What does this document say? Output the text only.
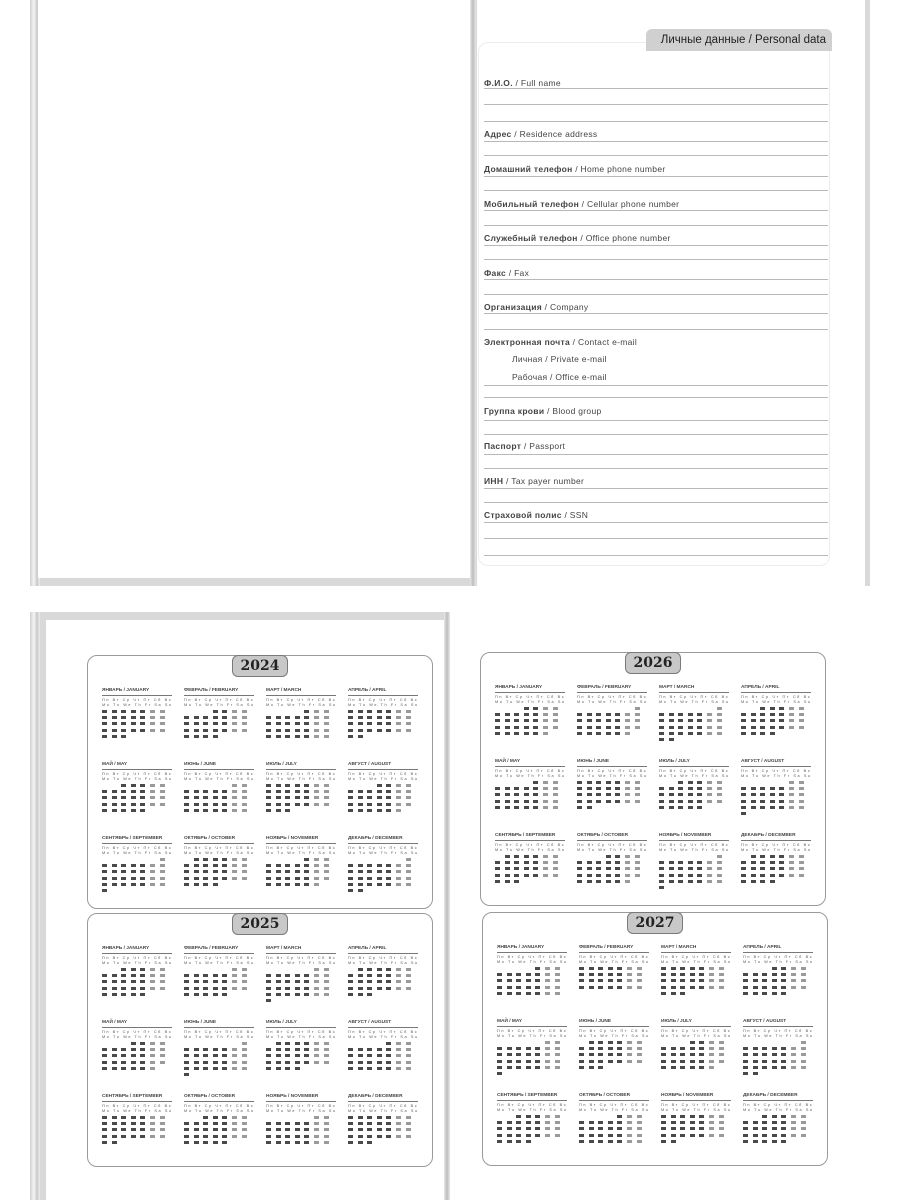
Личные данные / Personal data
Ф.И.О. / Full name
Адрес / Residence address
Домашний телефон / Home phone number
Мобильный телефон / Cellular phone number
Служебный телефон / Office phone number
Факс / Fax
Организация / Company
Электронная почта / Contact e-mail
Личная / Private e-mail
Рабочая / Office e-mail
Группа крови / Blood group
Паспорт / Passport
ИНН / Tax payer number
Страховой полис / SSN
2024
ЯНВАРЬ / JANUARY
Пн Вт Ср Чт Пт Сб Вс
Mo Tu We Th Fr Sa Su
ФЕВРАЛЬ / FEBRUARY
Пн Вт Ср Чт Пт Сб Вс
Mo Tu We Th Fr Sa Su
МАРТ / MARCH
Пн Вт Ср Чт Пт Сб Вс
Mo Tu We Th Fr Sa Su
АПРЕЛЬ / APRIL
Пн Вт Ср Чт Пт Сб Вс
Mo Tu We Th Fr Sa Su
МАЙ / MAY
Пн Вт Ср Чт Пт Сб Вс
Mo Tu We Th Fr Sa Su
ИЮНЬ / JUNE
Пн Вт Ср Чт Пт Сб Вс
Mo Tu We Th Fr Sa Su
ИЮЛЬ / JULY
Пн Вт Ср Чт Пт Сб Вс
Mo Tu We Th Fr Sa Su
АВГУСТ / AUGUST
Пн Вт Ср Чт Пт Сб Вс
Mo Tu We Th Fr Sa Su
СЕНТЯБРЬ / SEPTEMBER
Пн Вт Ср Чт Пт Сб Вс
Mo Tu We Th Fr Sa Su
ОКТЯБРЬ / OCTOBER
Пн Вт Ср Чт Пт Сб Вс
Mo Tu We Th Fr Sa Su
НОЯБРЬ / NOVEMBER
Пн Вт Ср Чт Пт Сб Вс
Mo Tu We Th Fr Sa Su
ДЕКАБРЬ / DECEMBER
Пн Вт Ср Чт Пт Сб Вс
Mo Tu We Th Fr Sa Su
2025
ЯНВАРЬ / JANUARY
Пн Вт Ср Чт Пт Сб Вс
Mo Tu We Th Fr Sa Su
ФЕВРАЛЬ / FEBRUARY
Пн Вт Ср Чт Пт Сб Вс
Mo Tu We Th Fr Sa Su
МАРТ / MARCH
Пн Вт Ср Чт Пт Сб Вс
Mo Tu We Th Fr Sa Su
АПРЕЛЬ / APRIL
Пн Вт Ср Чт Пт Сб Вс
Mo Tu We Th Fr Sa Su
МАЙ / MAY
Пн Вт Ср Чт Пт Сб Вс
Mo Tu We Th Fr Sa Su
ИЮНЬ / JUNE
Пн Вт Ср Чт Пт Сб Вс
Mo Tu We Th Fr Sa Su
ИЮЛЬ / JULY
Пн Вт Ср Чт Пт Сб Вс
Mo Tu We Th Fr Sa Su
АВГУСТ / AUGUST
Пн Вт Ср Чт Пт Сб Вс
Mo Tu We Th Fr Sa Su
СЕНТЯБРЬ / SEPTEMBER
Пн Вт Ср Чт Пт Сб Вс
Mo Tu We Th Fr Sa Su
ОКТЯБРЬ / OCTOBER
Пн Вт Ср Чт Пт Сб Вс
Mo Tu We Th Fr Sa Su
НОЯБРЬ / NOVEMBER
Пн Вт Ср Чт Пт Сб Вс
Mo Tu We Th Fr Sa Su
ДЕКАБРЬ / DECEMBER
Пн Вт Ср Чт Пт Сб Вс
Mo Tu We Th Fr Sa Su
2026
ЯНВАРЬ / JANUARY
Пн Вт Ср Чт Пт Сб Вс
Mo Tu We Th Fr Sa Su
ФЕВРАЛЬ / FEBRUARY
Пн Вт Ср Чт Пт Сб Вс
Mo Tu We Th Fr Sa Su
МАРТ / MARCH
Пн Вт Ср Чт Пт Сб Вс
Mo Tu We Th Fr Sa Su
АПРЕЛЬ / APRIL
Пн Вт Ср Чт Пт Сб Вс
Mo Tu We Th Fr Sa Su
МАЙ / MAY
Пн Вт Ср Чт Пт Сб Вс
Mo Tu We Th Fr Sa Su
ИЮНЬ / JUNE
Пн Вт Ср Чт Пт Сб Вс
Mo Tu We Th Fr Sa Su
ИЮЛЬ / JULY
Пн Вт Ср Чт Пт Сб Вс
Mo Tu We Th Fr Sa Su
АВГУСТ / AUGUST
Пн Вт Ср Чт Пт Сб Вс
Mo Tu We Th Fr Sa Su
СЕНТЯБРЬ / SEPTEMBER
Пн Вт Ср Чт Пт Сб Вс
Mo Tu We Th Fr Sa Su
ОКТЯБРЬ / OCTOBER
Пн Вт Ср Чт Пт Сб Вс
Mo Tu We Th Fr Sa Su
НОЯБРЬ / NOVEMBER
Пн Вт Ср Чт Пт Сб Вс
Mo Tu We Th Fr Sa Su
ДЕКАБРЬ / DECEMBER
Пн Вт Ср Чт Пт Сб Вс
Mo Tu We Th Fr Sa Su
2027
ЯНВАРЬ / JANUARY
Пн Вт Ср Чт Пт Сб Вс
Mo Tu We Th Fr Sa Su
ФЕВРАЛЬ / FEBRUARY
Пн Вт Ср Чт Пт Сб Вс
Mo Tu We Th Fr Sa Su
МАРТ / MARCH
Пн Вт Ср Чт Пт Сб Вс
Mo Tu We Th Fr Sa Su
АПРЕЛЬ / APRIL
Пн Вт Ср Чт Пт Сб Вс
Mo Tu We Th Fr Sa Su
МАЙ / MAY
Пн Вт Ср Чт Пт Сб Вс
Mo Tu We Th Fr Sa Su
ИЮНЬ / JUNE
Пн Вт Ср Чт Пт Сб Вс
Mo Tu We Th Fr Sa Su
ИЮЛЬ / JULY
Пн Вт Ср Чт Пт Сб Вс
Mo Tu We Th Fr Sa Su
АВГУСТ / AUGUST
Пн Вт Ср Чт Пт Сб Вс
Mo Tu We Th Fr Sa Su
СЕНТЯБРЬ / SEPTEMBER
Пн Вт Ср Чт Пт Сб Вс
Mo Tu We Th Fr Sa Su
ОКТЯБРЬ / OCTOBER
Пн Вт Ср Чт Пт Сб Вс
Mo Tu We Th Fr Sa Su
НОЯБРЬ / NOVEMBER
Пн Вт Ср Чт Пт Сб Вс
Mo Tu We Th Fr Sa Su
ДЕКАБРЬ / DECEMBER
Пн Вт Ср Чт Пт Сб Вс
Mo Tu We Th Fr Sa Su
